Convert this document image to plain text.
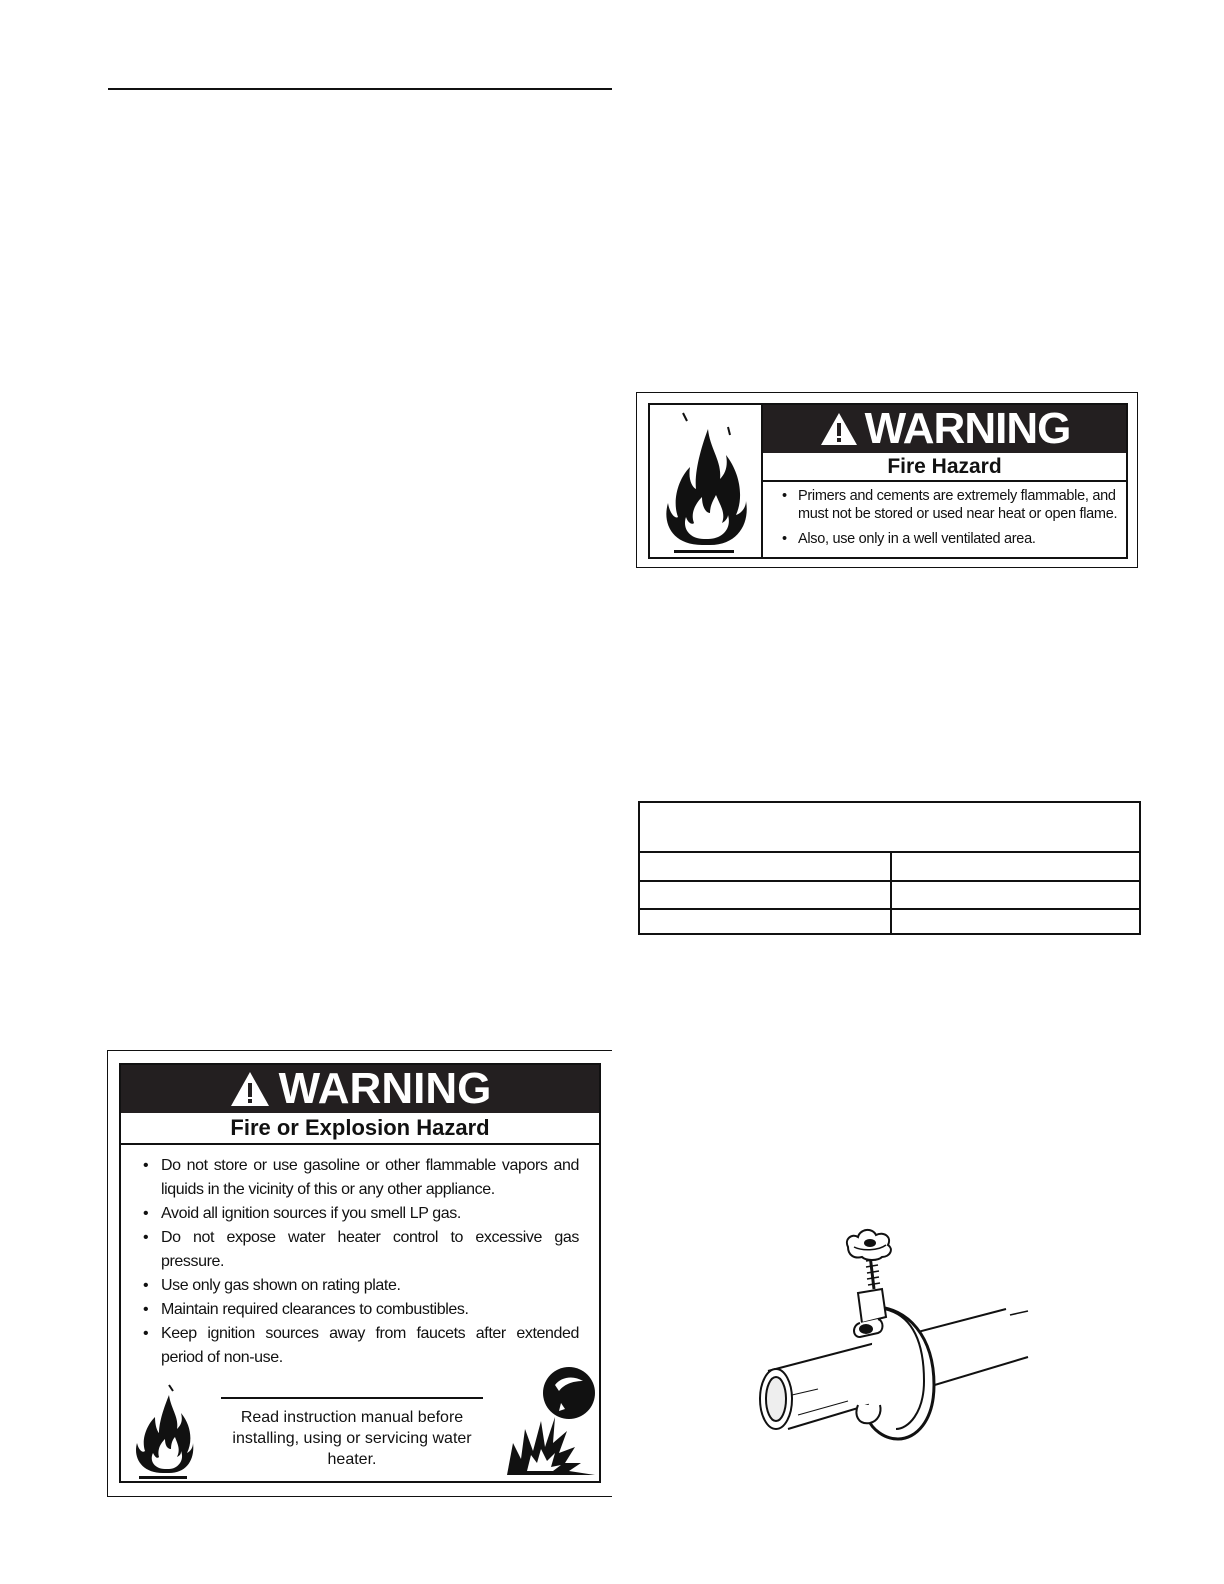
WARNING
Fire Hazard
• Primers and cements are extremely flammable, and must not be stored or used near heat or open flame.
• Also, use only in a well ventilated area.
WARNING
Fire or Explosion Hazard
• Do not store or use gasoline or other flammable vapors and liquids in the vicinity of this or any other appliance.
• Avoid all ignition sources if you smell LP gas.
• Do not expose water heater control to excessive gas pressure.
• Use only gas shown on rating plate.
• Maintain required clearances to combustibles.
• Keep ignition sources away from faucets after extended period of non-use.
Read instruction manual before installing, using or servicing water heater.
